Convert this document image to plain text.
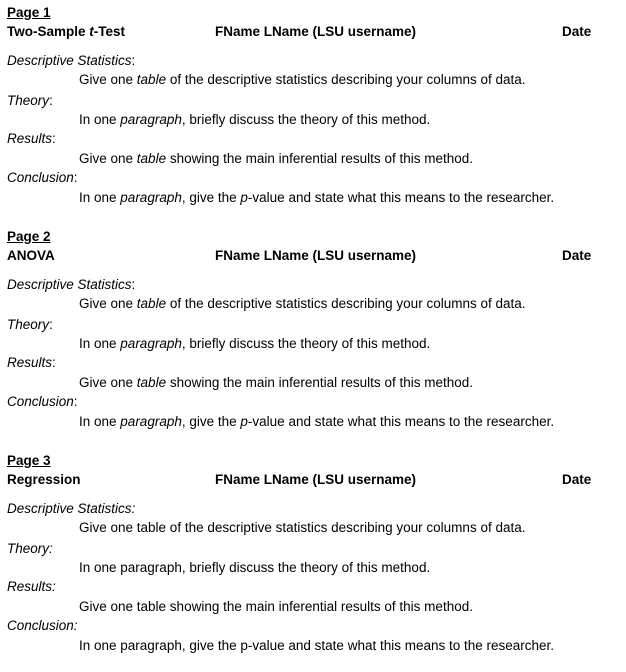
Page 1
Two-Sample t-Test	FName LName (LSU username)	Date
Descriptive Statistics:
Give one table of the descriptive statistics describing your columns of data.
Theory:
In one paragraph, briefly discuss the theory of this method.
Results:
Give one table showing the main inferential results of this method.
Conclusion:
In one paragraph, give the p-value and state what this means to the researcher.
Page 2
ANOVA	FName LName (LSU username)	Date
Descriptive Statistics:
Give one table of the descriptive statistics describing your columns of data.
Theory:
In one paragraph, briefly discuss the theory of this method.
Results:
Give one table showing the main inferential results of this method.
Conclusion:
In one paragraph, give the p-value and state what this means to the researcher.
Page 3
Regression	FName LName (LSU username)	Date
Descriptive Statistics:
Give one table of the descriptive statistics describing your columns of data.
Theory:
In one paragraph, briefly discuss the theory of this method.
Results:
Give one table showing the main inferential results of this method.
Conclusion:
In one paragraph, give the p-value and state what this means to the researcher.
